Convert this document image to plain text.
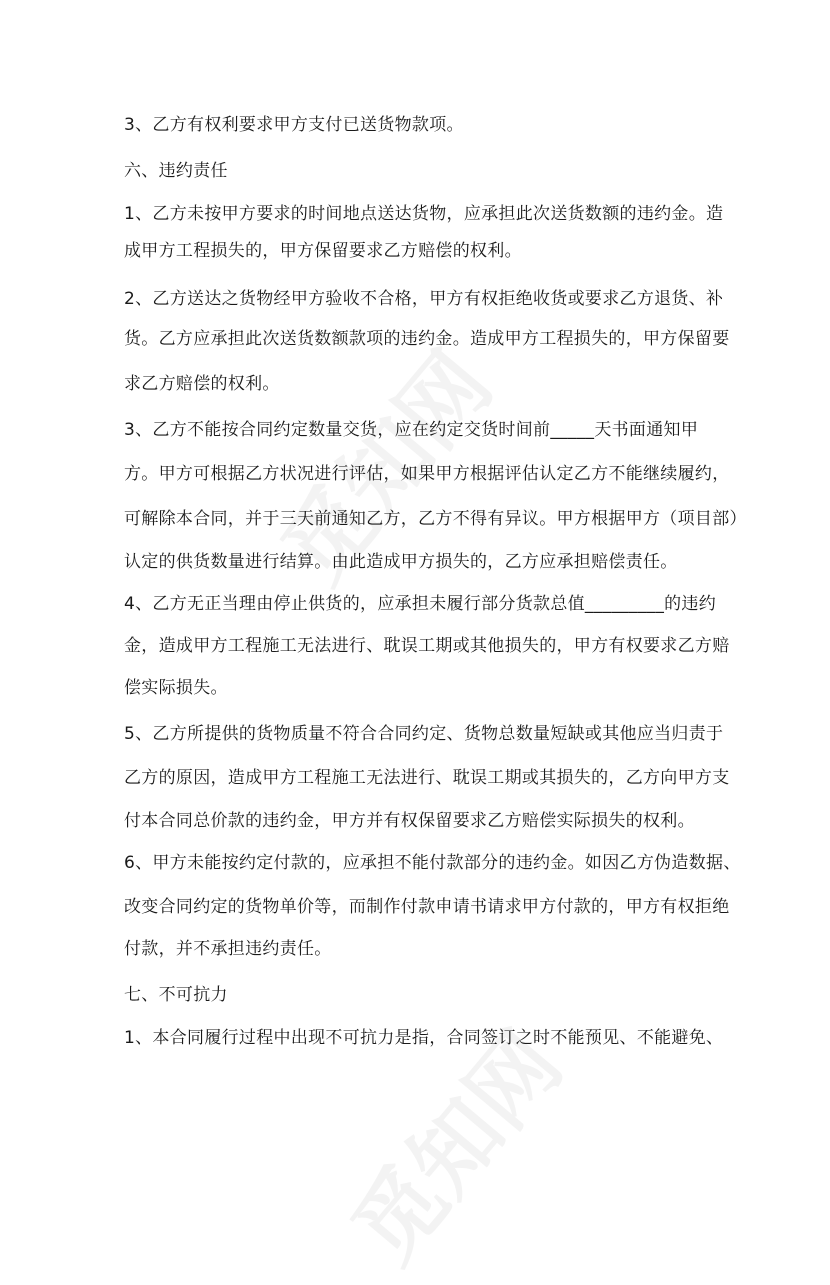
3、乙方有权利要求甲方支付已送货物款项。

六、违约责任

1、乙方未按甲方要求的时间地点送达货物，应承担此次送货数额的违约金。造

成甲方工程损失的，甲方保留要求乙方赔偿的权利。

2、乙方送达之货物经甲方验收不合格，甲方有权拒绝收货或要求乙方退货、补

货。乙方应承担此次送货数额款项的违约金。造成甲方工程损失的，甲方保留要

求乙方赔偿的权利。

3、乙方不能按合同约定数量交货，应在约定交货时间前_____天书面通知甲

方。甲方可根据乙方状况进行评估，如果甲方根据评估认定乙方不能继续履约，

可解除本合同，并于三天前通知乙方，乙方不得有异议。甲方根据甲方（项目部）

认定的供货数量进行结算。由此造成甲方损失的，乙方应承担赔偿责任。

4、乙方无正当理由停止供货的，应承担未履行部分货款总值_________的违约

金，造成甲方工程施工无法进行、耽误工期或其他损失的，甲方有权要求乙方赔

偿实际损失。

5、乙方所提供的货物质量不符合合同约定、货物总数量短缺或其他应当归责于

乙方的原因，造成甲方工程施工无法进行、耽误工期或其损失的，乙方向甲方支

付本合同总价款的违约金，甲方并有权保留要求乙方赔偿实际损失的权利。

6、甲方未能按约定付款的，应承担不能付款部分的违约金。如因乙方伪造数据、

改变合同约定的货物单价等，而制作付款申请书请求甲方付款的，甲方有权拒绝

付款，并不承担违约责任。

七、不可抗力

1、本合同履行过程中出现不可抗力是指，合同签订之时不能预见、不能避免、
